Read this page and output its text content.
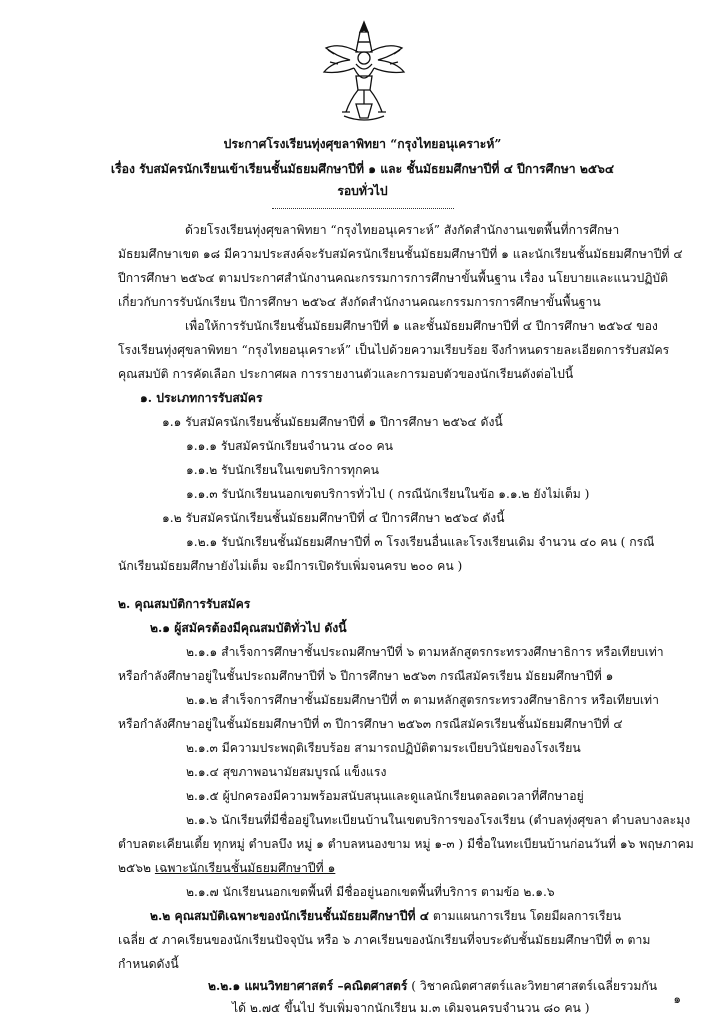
ประกาศโรงเรียนทุ่งศุขลาพิทยา “กรุงไทยอนุเคราะห์”
เรื่อง รับสมัครนักเรียนเข้าเรียนชั้นมัธยมศึกษาปีที่ ๑ และ ชั้นมัธยมศึกษาปีที่ ๔ ปีการศึกษา ๒๕๖๔
รอบทั่วไป
ด้วยโรงเรียนทุ่งศุขลาพิทยา “กรุงไทยอนุเคราะห์” สังกัดสำนักงานเขตพื้นที่การศึกษา
มัธยมศึกษาเขต ๑๘ มีความประสงค์จะรับสมัครนักเรียนชั้นมัธยมศึกษาปีที่ ๑ และนักเรียนชั้นมัธยมศึกษาปีที่ ๔
ปีการศึกษา ๒๕๖๔ ตามประกาศสำนักงานคณะกรรมการการศึกษาขั้นพื้นฐาน เรื่อง นโยบายและแนวปฏิบัติ
เกี่ยวกับการรับนักเรียน ปีการศึกษา ๒๕๖๔ สังกัดสำนักงานคณะกรรมการการศึกษาขั้นพื้นฐาน
เพื่อให้การรับนักเรียนชั้นมัธยมศึกษาปีที่ ๑ และชั้นมัธยมศึกษาปีที่ ๔ ปีการศึกษา ๒๕๖๔ ของ
โรงเรียนทุ่งศุขลาพิทยา “กรุงไทยอนุเคราะห์” เป็นไปด้วยความเรียบร้อย จึงกำหนดรายละเอียดการรับสมัคร
คุณสมบัติ การคัดเลือก ประกาศผล การรายงานตัวและการมอบตัวของนักเรียนดังต่อไปนี้
๑. ประเภทการรับสมัคร
๑.๑ รับสมัครนักเรียนชั้นมัธยมศึกษาปีที่ ๑ ปีการศึกษา ๒๕๖๔ ดังนี้
๑.๑.๑ รับสมัครนักเรียนจำนวน ๔๐๐ คน
๑.๑.๒ รับนักเรียนในเขตบริการทุกคน
๑.๑.๓ รับนักเรียนนอกเขตบริการทั่วไป ( กรณีนักเรียนในข้อ ๑.๑.๒ ยังไม่เต็ม )
๑.๒ รับสมัครนักเรียนชั้นมัธยมศึกษาปีที่ ๔ ปีการศึกษา ๒๕๖๔ ดังนี้
๑.๒.๑ รับนักเรียนชั้นมัธยมศึกษาปีที่ ๓ โรงเรียนอื่นและโรงเรียนเดิม จำนวน ๔๐ คน ( กรณี
นักเรียนมัธยมศึกษายังไม่เต็ม จะมีการเปิดรับเพิ่มจนครบ ๒๐๐ คน )
๒. คุณสมบัติการรับสมัคร
๒.๑ ผู้สมัครต้องมีคุณสมบัติทั่วไป ดังนี้
๒.๑.๑ สำเร็จการศึกษาชั้นประถมศึกษาปีที่ ๖ ตามหลักสูตรกระทรวงศึกษาธิการ หรือเทียบเท่า
หรือกำลังศึกษาอยู่ในชั้นประถมศึกษาปีที่ ๖ ปีการศึกษา ๒๕๖๓ กรณีสมัครเรียน มัธยมศึกษาปีที่ ๑
๒.๑.๒ สำเร็จการศึกษาชั้นมัธยมศึกษาปีที่ ๓ ตามหลักสูตรกระทรวงศึกษาธิการ หรือเทียบเท่า
หรือกำลังศึกษาอยู่ในชั้นมัธยมศึกษาปีที่ ๓ ปีการศึกษา ๒๕๖๓ กรณีสมัครเรียนชั้นมัธยมศึกษาปีที่ ๔
๒.๑.๓ มีความประพฤติเรียบร้อย สามารถปฏิบัติตามระเบียบวินัยของโรงเรียน
๒.๑.๔ สุขภาพอนามัยสมบูรณ์ แข็งแรง
๒.๑.๕ ผู้ปกครองมีความพร้อมสนับสนุนและดูแลนักเรียนตลอดเวลาที่ศึกษาอยู่
๒.๑.๖ นักเรียนที่มีชื่ออยู่ในทะเบียนบ้านในเขตบริการของโรงเรียน (ตำบลทุ่งศุขลา ตำบลบางละมุง
ตำบลตะเคียนเตี้ย ทุกหมู่ ตำบลบึง หมู่ ๑ ตำบลหนองขาม หมู่ ๑-๓ ) มีชื่อในทะเบียนบ้านก่อนวันที่ ๑๖ พฤษภาคม
๒๕๖๒ เฉพาะนักเรียนชั้นมัธยมศึกษาปีที่ ๑
๒.๑.๗ นักเรียนนอกเขตพื้นที่ มีชื่ออยู่นอกเขตพื้นที่บริการ ตามข้อ ๒.๑.๖
๒.๒ คุณสมบัติเฉพาะของนักเรียนชั้นมัธยมศึกษาปีที่ ๔ ตามแผนการเรียน โดยมีผลการเรียน
เฉลี่ย ๕ ภาคเรียนของนักเรียนปัจจุบัน หรือ ๖ ภาคเรียนของนักเรียนที่จบระดับชั้นมัธยมศึกษาปีที่ ๓ ตาม
กำหนดดังนี้
๒.๒.๑ แผนวิทยาศาสตร์ –คณิตศาสตร์ ( วิชาคณิตศาสตร์และวิทยาศาสตร์เฉลี่ยรวมกัน
ได้ ๒.๗๕ ขึ้นไป รับเพิ่มจากนักเรียน ม.๓ เดิมจนครบจำนวน ๘๐ คน )
๑
